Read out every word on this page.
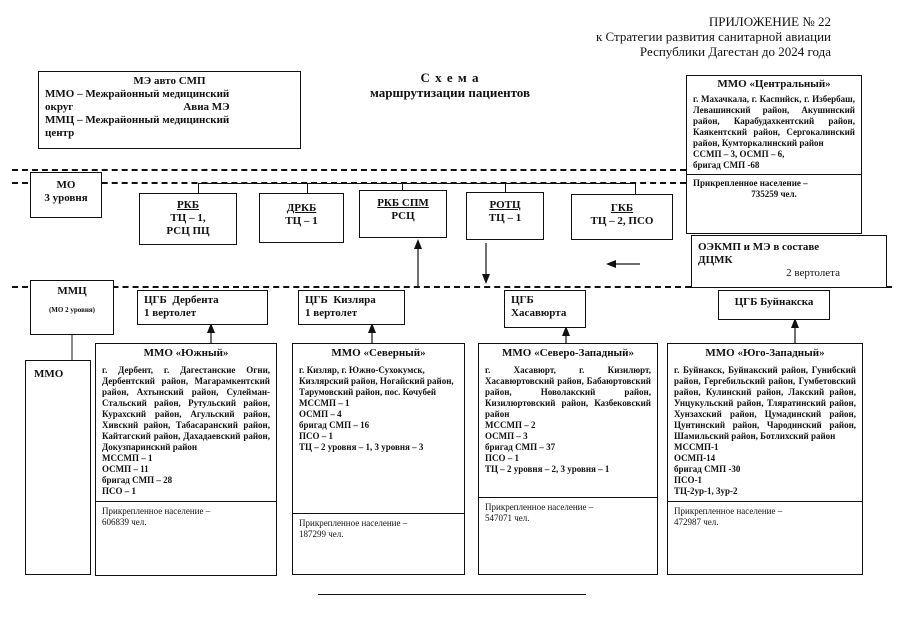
ПРИЛОЖЕНИЕ № 22
к Стратегии развития санитарной авиации
Республики Дагестан до 2024 года
МЭ авто СМП
ММО – Межрайонный медицинский
округ	Авиа МЭ
ММЦ – Межрайонный медицинский
центр
С х е м а
маршрутизации пациентов
ММО «Центральный»
г. Махачкала, г. Каспийск, г. Избербаш, Левашинский район, Акушинский район, Карабудахкентский район, Каякентский район, Сергокалинский район, Кумторкалинский район
ССМП – 3, ОСМП – 6,
бригад СМП -68
Прикрепленное население –
735259 чел.
МО
3 уровня
РКБ
ТЦ – 1,
РСЦ ПЦ
ДРКБ
ТЦ – 1
РКБ СПМ
РСЦ
РОТЦ
ТЦ – 1
ГКБ
ТЦ – 2, ПСО
ОЭКМП и МЭ в составе
ДЦМК
2 вертолета
ММЦ
(МО 2 уровня)
ЦГБ  Дербента
1 вертолет
ЦГБ  Кизляра
1 вертолет
ЦГБ
Хасавюрта
ЦГБ Буйнакска
ММО
ММО «Южный»
г. Дербент, г. Дагестанские Огни, Дербентский район, Магарамкентский район, Ахтынский район, Сулейман-Стальский район, Рутульский район, Курахский район, Агульский район, Хивский район, Табасаранский район, Кайтагский район, Дахадаевский район, Докузпаринский район
МССМП – 1
ОСМП – 11
бригад СМП – 28
ПСО – 1
Прикрепленное население –
606839 чел.
ММО «Северный»
г. Кизляр, г. Южно-Сухокумск, Кизлярский район, Ногайский район, Тарумовский район, пос. Кочубей
МССМП – 1
ОСМП – 4
бригад СМП – 16
ПСО – 1
ТЦ – 2 уровня – 1, 3 уровня – 3
Прикрепленное население –
187299 чел.
ММО «Северо-Западный»
г. Хасавюрт, г. Кизилюрт, Хасавюртовский район, Бабаюртовский район, Новолакский район, Кизилюртовский район, Казбековский район
МССМП – 2
ОСМП – 3
бригад СМП – 37
ПСО – 1
ТЦ – 2 уровня – 2, 3 уровня – 1
Прикрепленное население –
547071 чел.
ММО «Юго-Западный»
г. Буйнакск, Буйнакский район, Гунибский район, Гергебильский район, Гумбетовский район, Кулинский район, Лакский район, Унцукульский район, Тляратинский район, Хунзахский район, Цумадинский район, Цунтинский район, Чародинский район, Шамильский район, Ботлихский район
МССМП-1
ОСМП-14
бригад СМП -30
ПСО-1
ТЦ-2ур-1, 3ур-2
Прикрепленное население –
472987 чел.
